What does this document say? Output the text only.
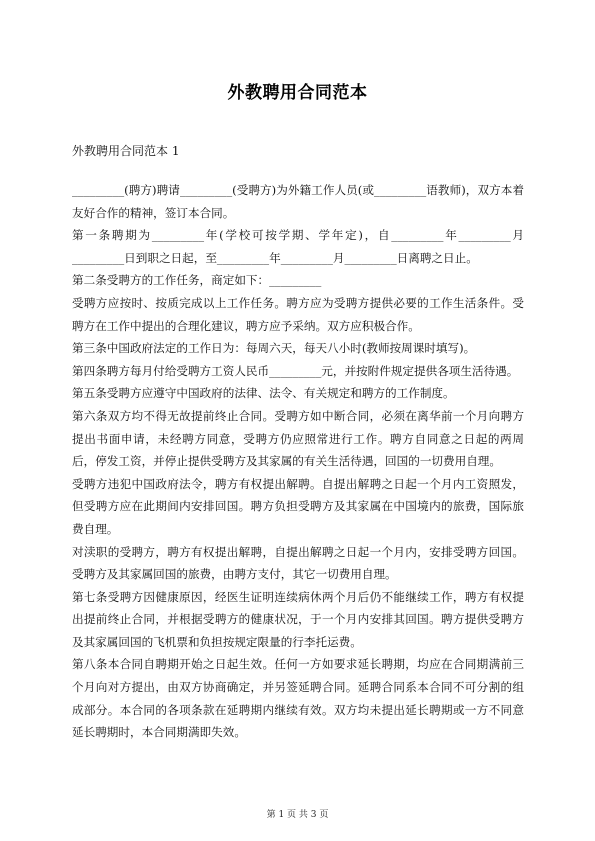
外教聘用合同范本
外教聘用合同范本 1

_________(聘方)聘请_________(受聘方)为外籍工作人员(或_________语教师)，双方本着友好合作的精神，签订本合同。

第一条聘期为_________年(学校可按学期、学年定)，自_________年_________月_________日到职之日起，至_________年_________月_________日离聘之日止。

第二条受聘方的工作任务，商定如下：_________

受聘方应按时、按质完成以上工作任务。聘方应为受聘方提供必要的工作生活条件。受聘方在工作中提出的合理化建议，聘方应予采纳。双方应积极合作。

第三条中国政府法定的工作日为：每周六天，每天八小时(教师按周课时填写)。

第四条聘方每月付给受聘方工资人民币_________元，并按附件规定提供各项生活待遇。

第五条受聘方应遵守中国政府的法律、法令、有关规定和聘方的工作制度。

第六条双方均不得无故提前终止合同。受聘方如中断合同，必须在离华前一个月向聘方提出书面申请，未经聘方同意，受聘方仍应照常进行工作。聘方自同意之日起的两周后，停发工资，并停止提供受聘方及其家属的有关生活待遇，回国的一切费用自理。

受聘方违犯中国政府法令，聘方有权提出解聘。自提出解聘之日起一个月内工资照发，但受聘方应在此期间内安排回国。聘方负担受聘方及其家属在中国境内的旅费，国际旅费自理。

对渎职的受聘方，聘方有权提出解聘，自提出解聘之日起一个月内，安排受聘方回国。受聘方及其家属回国的旅费，由聘方支付，其它一切费用自理。

第七条受聘方因健康原因，经医生证明连续病休两个月后仍不能继续工作，聘方有权提出提前终止合同，并根据受聘方的健康状况，于一个月内安排其回国。聘方提供受聘方及其家属回国的飞机票和负担按规定限量的行李托运费。

第八条本合同自聘期开始之日起生效。任何一方如要求延长聘期，均应在合同期满前三个月向对方提出，由双方协商确定，并另签延聘合同。延聘合同系本合同不可分割的组成部分。本合同的各项条款在延聘期内继续有效。双方均未提出延长聘期或一方不同意延长聘期时，本合同期满即失效。

第 1 页 共 3 页
